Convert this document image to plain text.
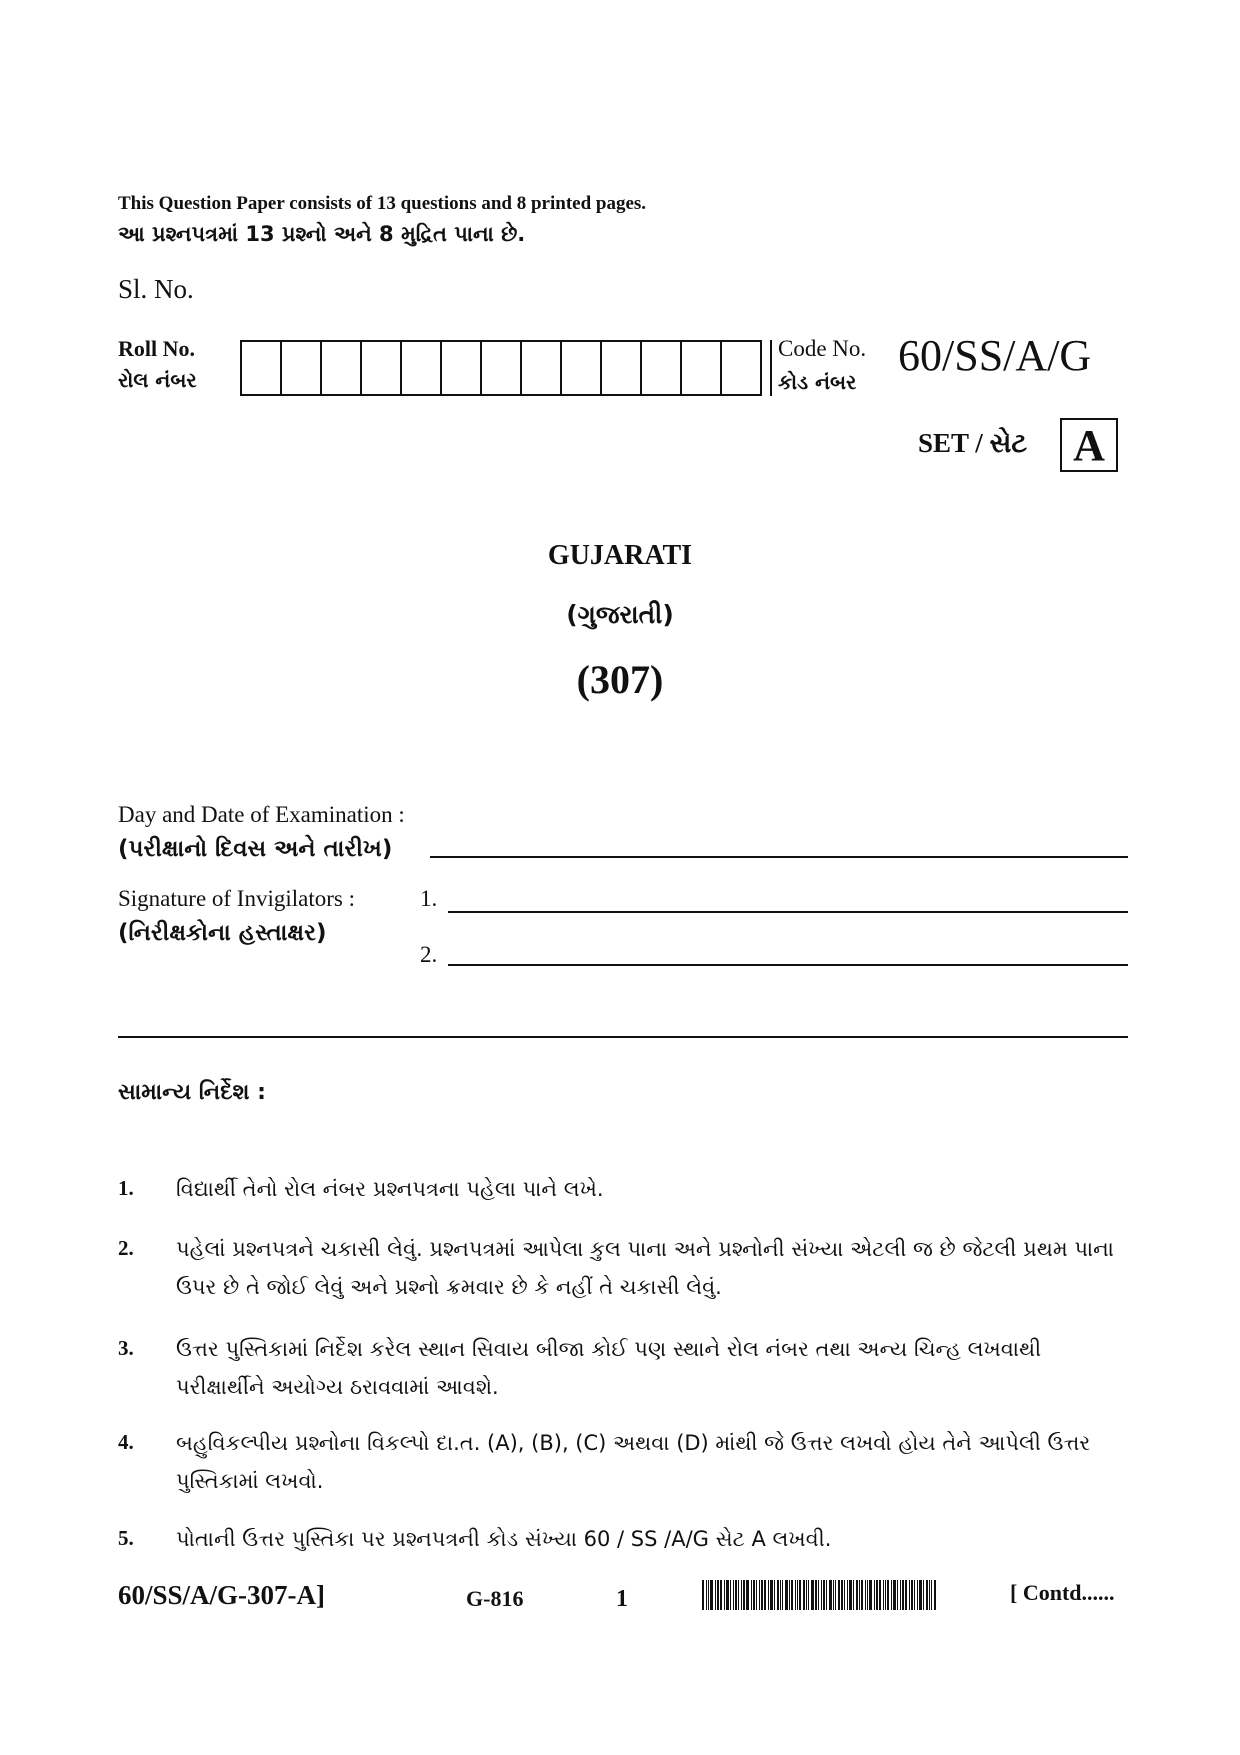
This Question Paper consists of 13 questions and 8 printed pages.
આ પ્રશ્નપત્રમાં 13 પ્રશ્નો અને 8 મુદ્રિત પાના છે.
Sl. No.
Roll No.
રોલ નંબર
Code No.
કોડ નંબર
60/SS/A/G
SET / સેટ A
GUJARATI
(ગુજરાતી)
(307)
Day and Date of Examination :
(પરીક્ષાનો દિવસ અને તારીખ)
Signature of Invigilators :
(નિરીક્ષકોના હસ્તાક્ષર)
1.
2.
સામાન્ય નિર્દેશ :
1. વિદ્યાર્થી તેનો રોલ નંબર પ્રશ્નપત્રના પહેલા પાને લખે.
2. પહેલાં પ્રશ્નપત્રને ચકાસી લેવું. પ્રશ્નપત્રમાં આપેલા કુલ પાના અને પ્રશ્નોની સંખ્યા એટલી જ છે જેટલી પ્રથમ પાના ઉપર છે તે જોઈ લેવું અને પ્રશ્નો ક્રમવાર છે કે નહીં તે ચકાસી લેવું.
3. ઉત્તર પુસ્તિકામાં નિર્દેશ કરેલ સ્થાન સિવાય બીજા કોઈ પણ સ્થાને રોલ નંબર તથા અન્ય ચિન્હ લખવાથી પરીક્ષાર્થીને અયોગ્ય ઠરાવવામાં આવશે.
4. બહુવિકલ્પીય પ્રશ્નોના વિકલ્પો દા.ત. (A), (B), (C) અથવા (D) માંથી જે ઉત્તર લખવો હોય તેને આપેલી ઉત્તર પુસ્તિકામાં લખવો.
5. પોતાની ઉત્તર પુસ્તિકા પર પ્રશ્નપત્રની કોડ સંખ્યા 60 / SS /A/G સેટ A લખવી.
60/SS/A/G-307-A]	G-816	1	[ Contd......
